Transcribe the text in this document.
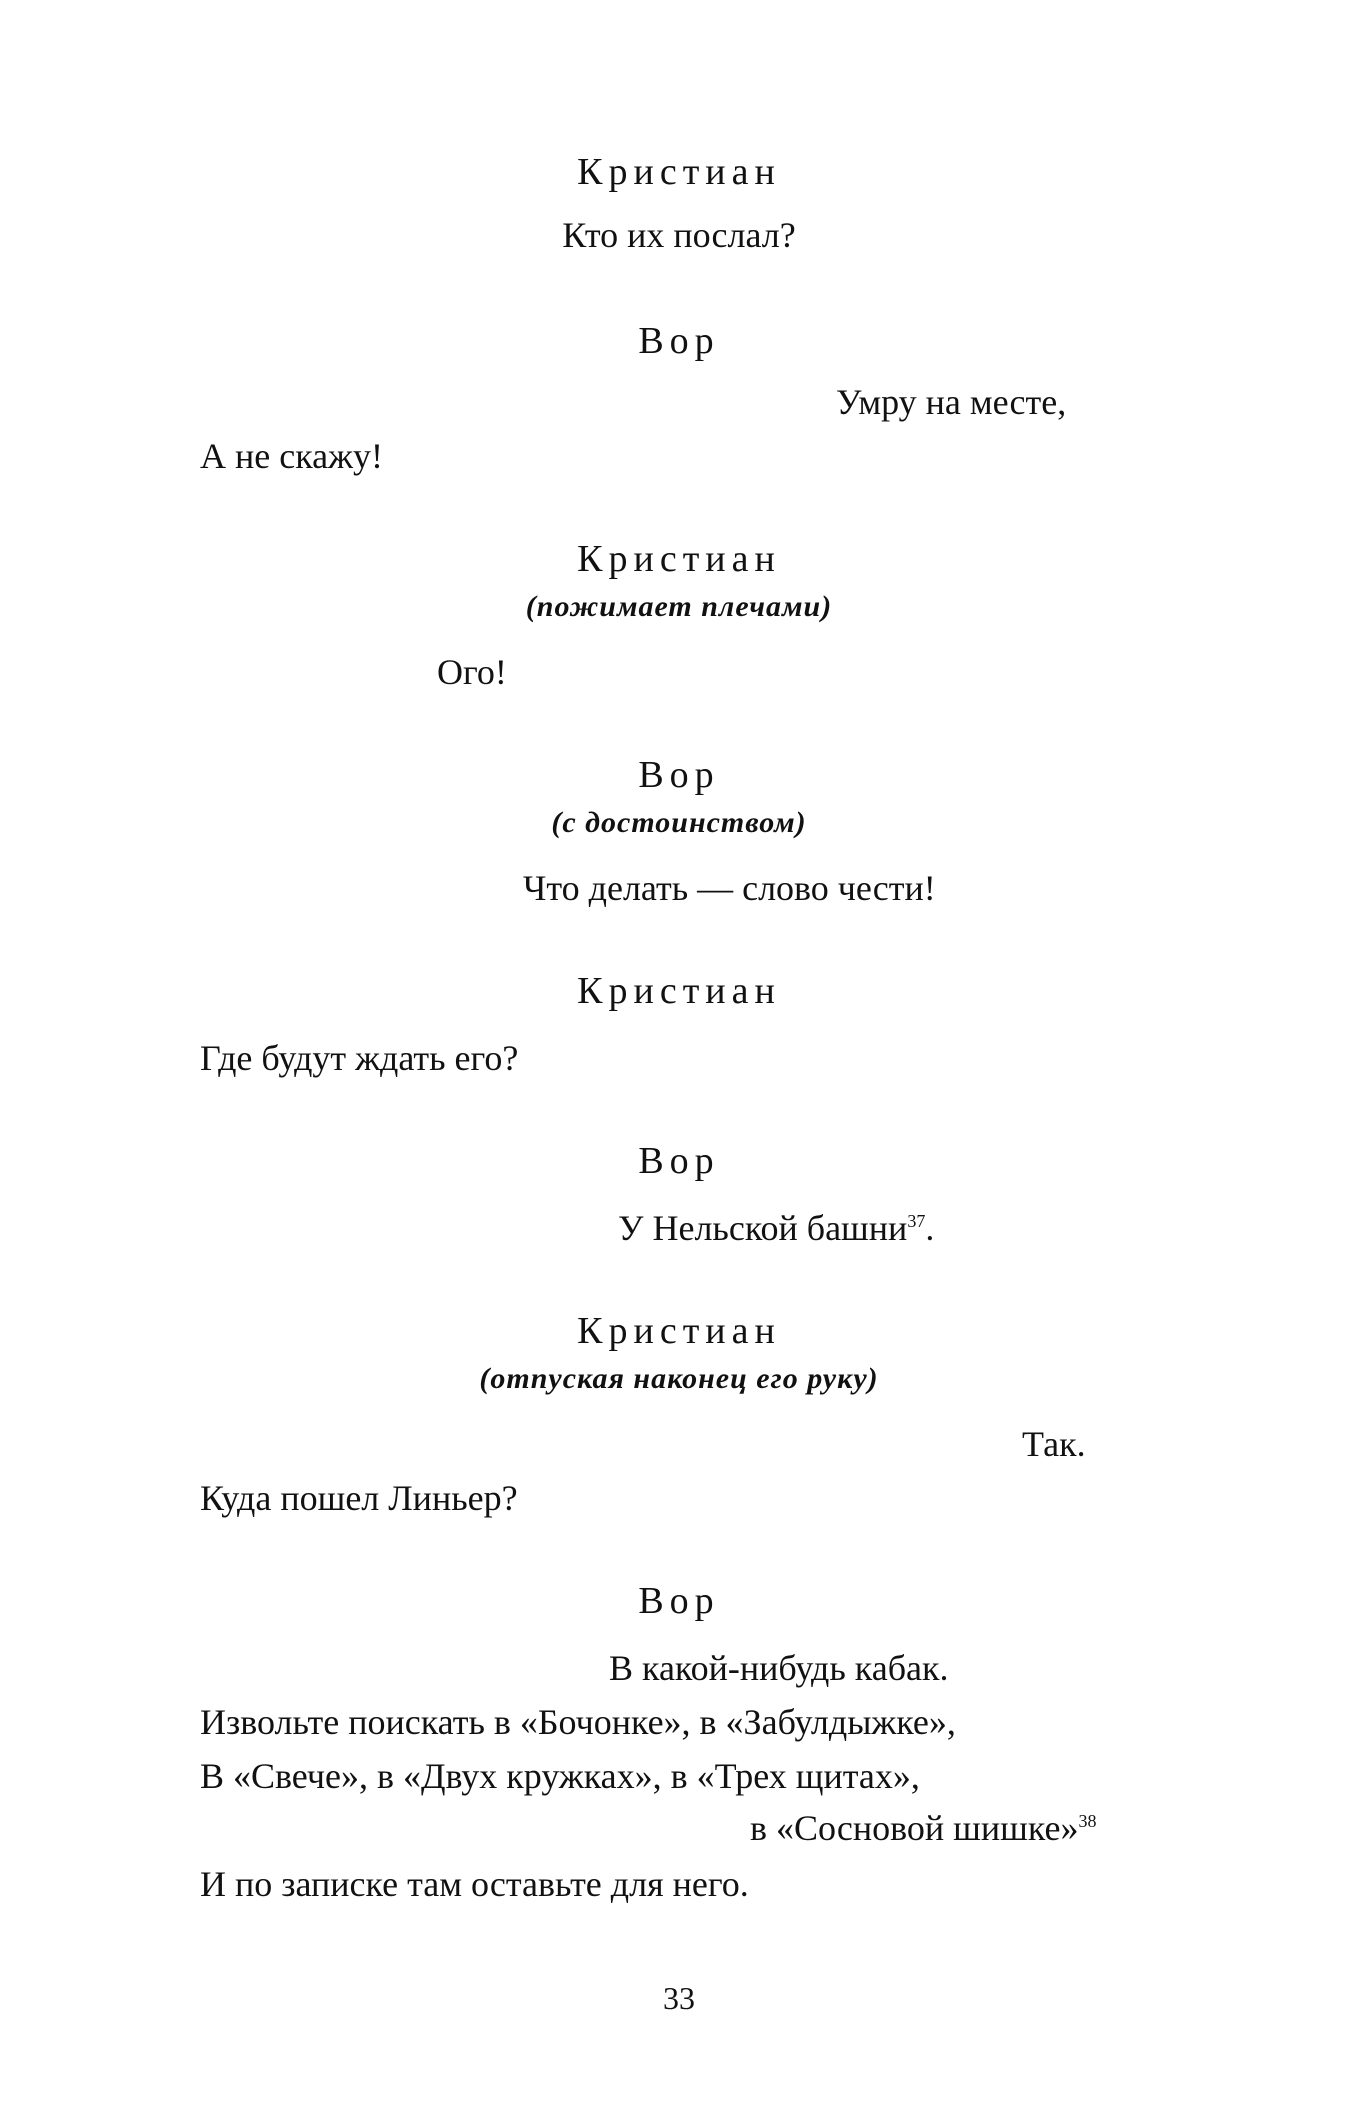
Кристиан
Кто их послал?
Вор
Умру на месте,
А не скажу!
Кристиан
(пожимает плечами)
Ого!
Вор
(с достоинством)
Что делать — слово чести!
Кристиан
Где будут ждать его?
Вор
У Нельской башни$^{37}$.
Кристиан
(отпуская наконец его руку)
Так.
Куда пошел Линьер?
Вор
В какой-нибудь кабак.
Извольте поискать в «Бочонке», в «Забулдыжке»,
В «Свече», в «Двух кружках», в «Трех щитах»,
в «Сосновой шишке»$^{38}$
И по записке там оставьте для него.
33
